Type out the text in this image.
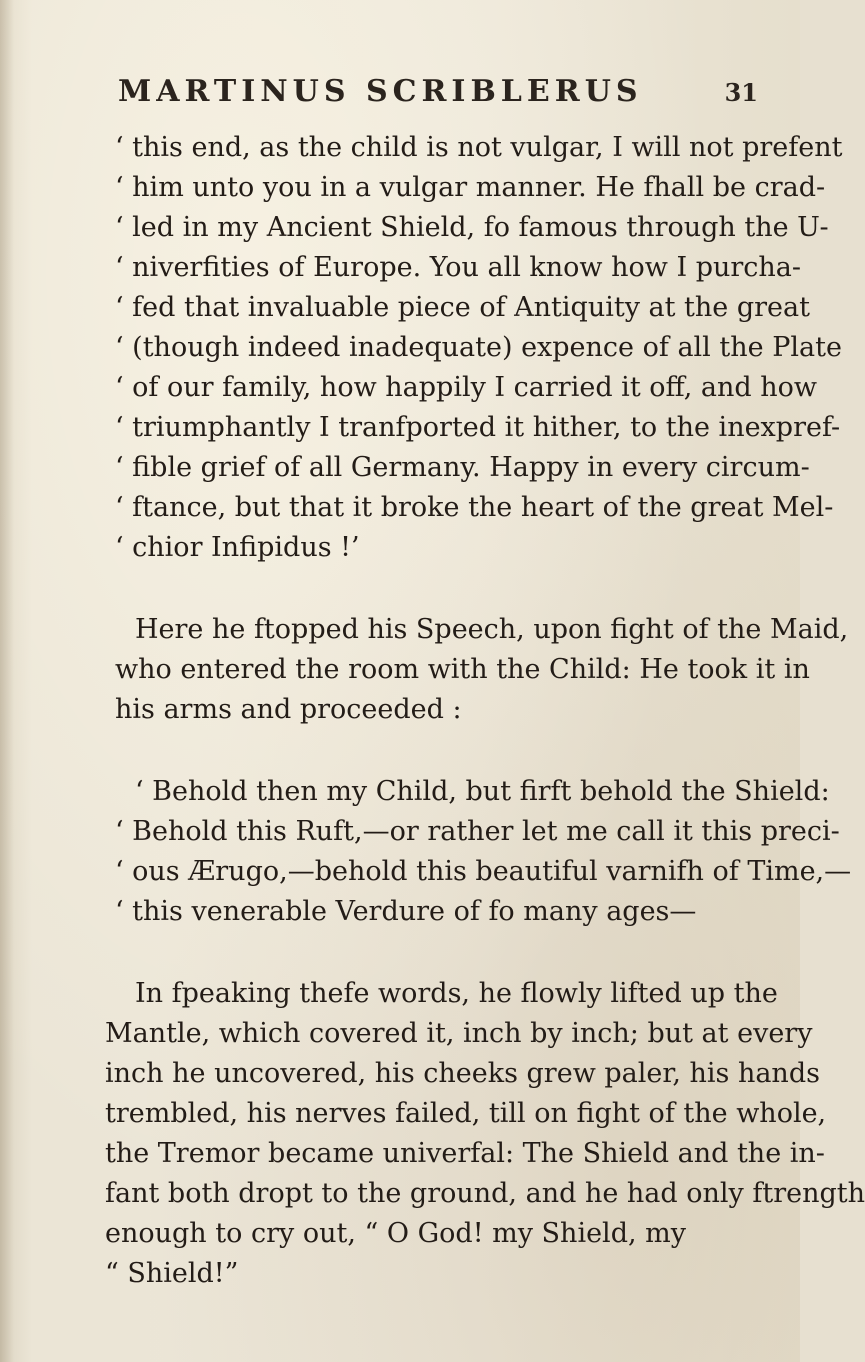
MARTINUS SCRIBLERUS	31
‘ this end, as the child is not vulgar, I will not prefent
‘ him unto you in a vulgar manner. He fhall be crad-
‘ led in my Ancient Shield, fo famous through the U-
‘ niverfities of Europe. You all know how I purcha-
‘ fed that invaluable piece of Antiquity at the great
‘ (though indeed inadequate) expence of all the Plate
‘ of our family, how happily I carried it off, and how
‘ triumphantly I tranfported it hither, to the inexpref-
‘ fible grief of all Germany. Happy in every circum-
‘ ftance, but that it broke the heart of the great Mel-
‘ chior Infipidus !’
Here he ftopped his Speech, upon fight of the Maid,
who entered the room with the Child: He took it in
his arms and proceeded :
‘ Behold then my Child, but firft behold the Shield:
‘ Behold this Ruft,—or rather let me call it this preci-
‘ ous Ærugo,—behold this beautiful varnifh of Time,—
‘ this venerable Verdure of fo many ages—
In fpeaking thefe words, he flowly lifted up the
Mantle, which covered it, inch by inch; but at every
inch he uncovered, his cheeks grew paler, his hands
trembled, his nerves failed, till on fight of the whole,
the Tremor became univerfal: The Shield and the in-
fant both dropt to the ground, and he had only ftrength
enough to cry out, “ O God! my Shield, my
“ Shield!”
